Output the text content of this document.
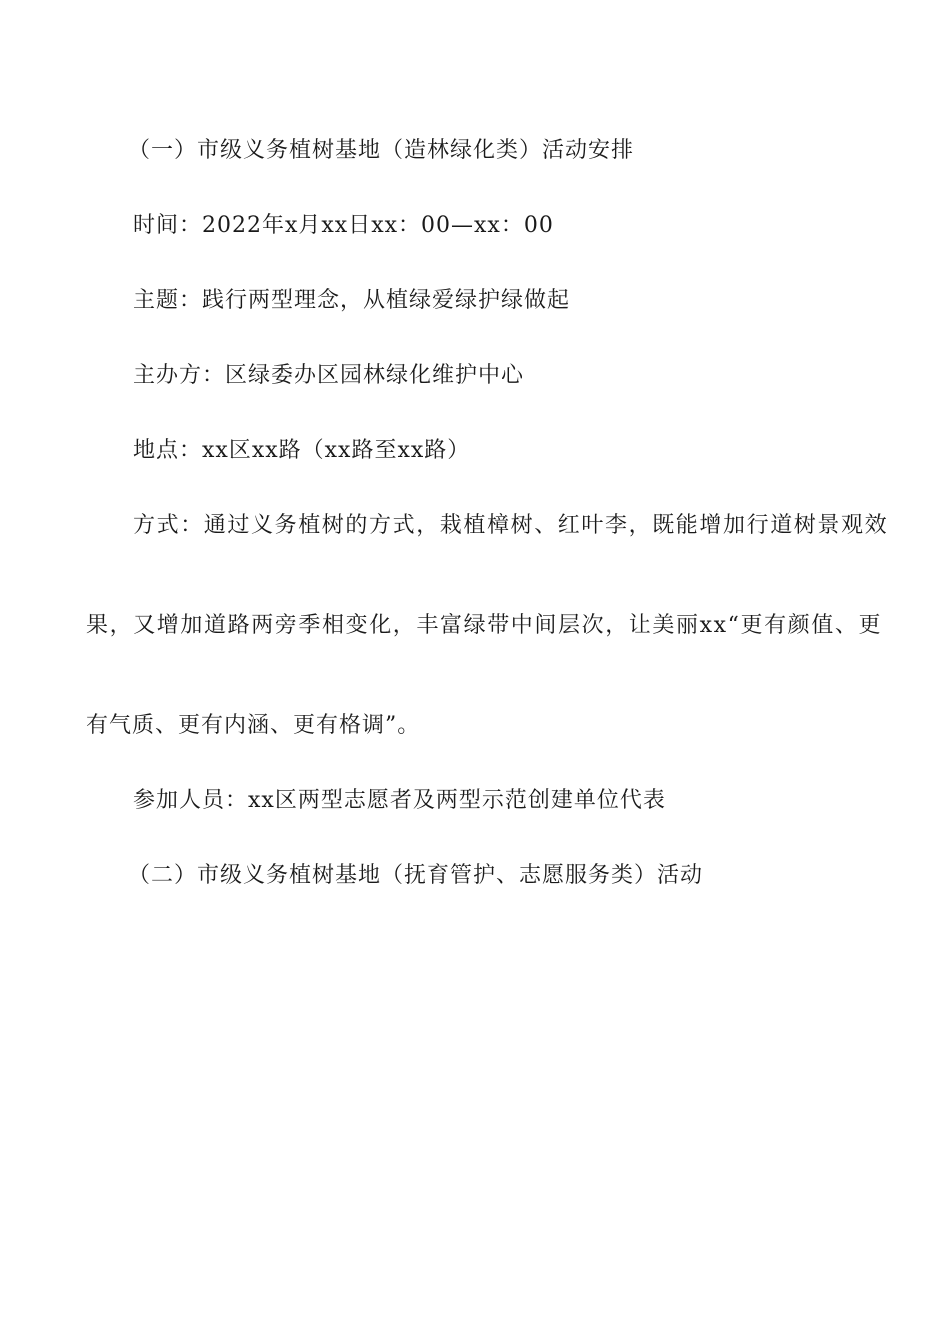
（一）市级义务植树基地（造林绿化类）活动安排
时间：2022年x月xx日xx：00—xx：00
主题：践行两型理念，从植绿爱绿护绿做起
主办方：区绿委办区园林绿化维护中心
地点：xx区xx路（xx路至xx路）
方式：通过义务植树的方式，栽植樟树、红叶李，既能增加行道树景观效
果，又增加道路两旁季相变化，丰富绿带中间层次，让美丽xx“更有颜值、更
有气质、更有内涵、更有格调”。
参加人员：xx区两型志愿者及两型示范创建单位代表
（二）市级义务植树基地（抚育管护、志愿服务类）活动
